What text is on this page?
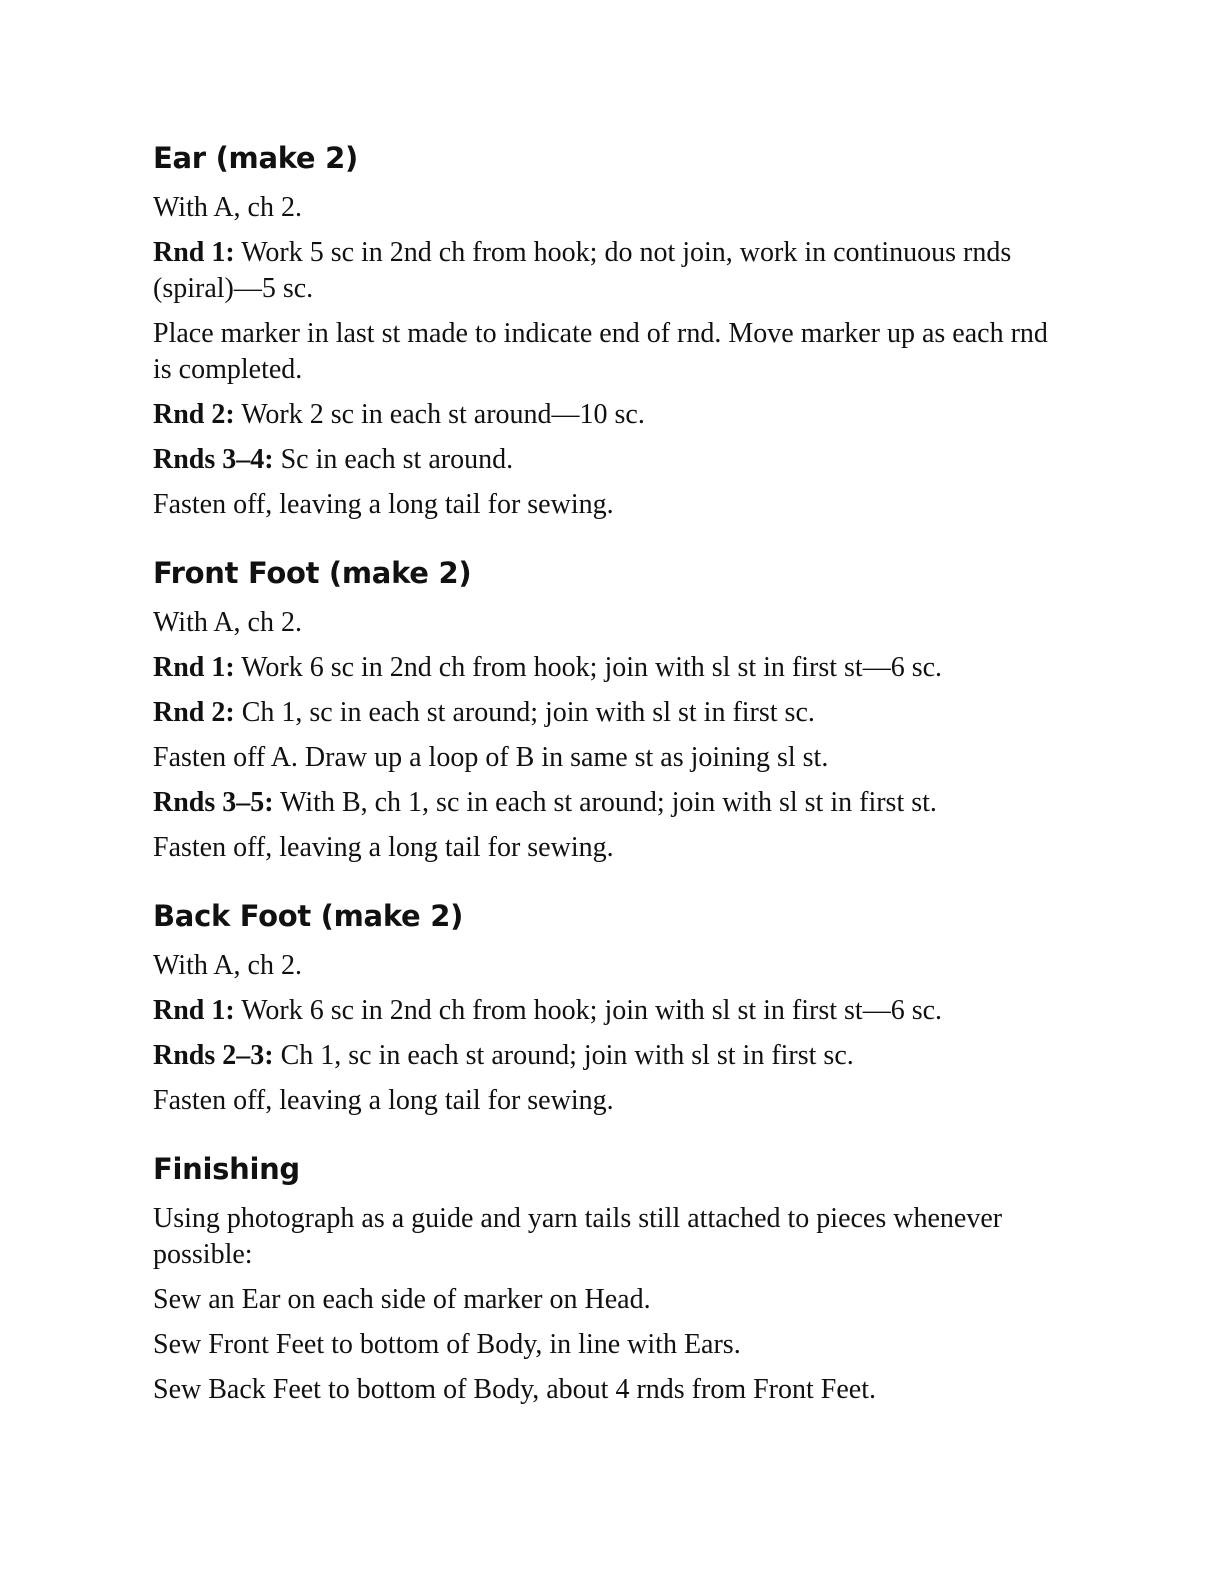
Ear (make 2)

With A, ch 2.

Rnd 1: Work 5 sc in 2nd ch from hook; do not join, work in continuous rnds (spiral)—5 sc.

Place marker in last st made to indicate end of rnd. Move marker up as each rnd is completed.

Rnd 2: Work 2 sc in each st around—10 sc.

Rnds 3–4: Sc in each st around.

Fasten off, leaving a long tail for sewing.

Front Foot (make 2)

With A, ch 2.

Rnd 1: Work 6 sc in 2nd ch from hook; join with sl st in first st—6 sc.

Rnd 2: Ch 1, sc in each st around; join with sl st in first sc.

Fasten off A. Draw up a loop of B in same st as joining sl st.

Rnds 3–5: With B, ch 1, sc in each st around; join with sl st in first st.

Fasten off, leaving a long tail for sewing.

Back Foot (make 2)

With A, ch 2.

Rnd 1: Work 6 sc in 2nd ch from hook; join with sl st in first st—6 sc.

Rnds 2–3: Ch 1, sc in each st around; join with sl st in first sc.

Fasten off, leaving a long tail for sewing.

Finishing

Using photograph as a guide and yarn tails still attached to pieces whenever possible:

Sew an Ear on each side of marker on Head.

Sew Front Feet to bottom of Body, in line with Ears.

Sew Back Feet to bottom of Body, about 4 rnds from Front Feet.
